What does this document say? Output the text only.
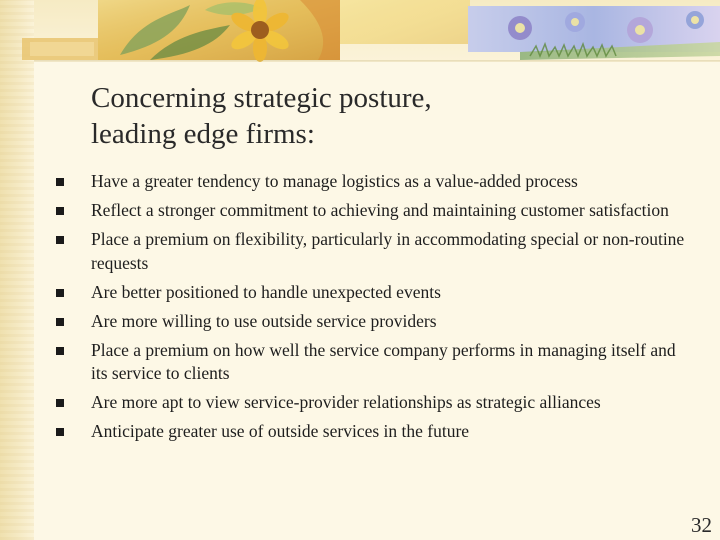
Concerning strategic posture,
leading edge firms:
Have a greater tendency to manage logistics as a value-added process
Reflect a stronger commitment to achieving and maintaining customer satisfaction
Place a premium on flexibility, particularly in accommodating special or non-routine requests
Are better positioned to handle unexpected events
Are more willing to use outside service providers
Place a premium on how well the service company performs in managing itself and its service to clients
Are more apt to view service-provider relationships as strategic alliances
Anticipate greater use of outside services in the future
32
